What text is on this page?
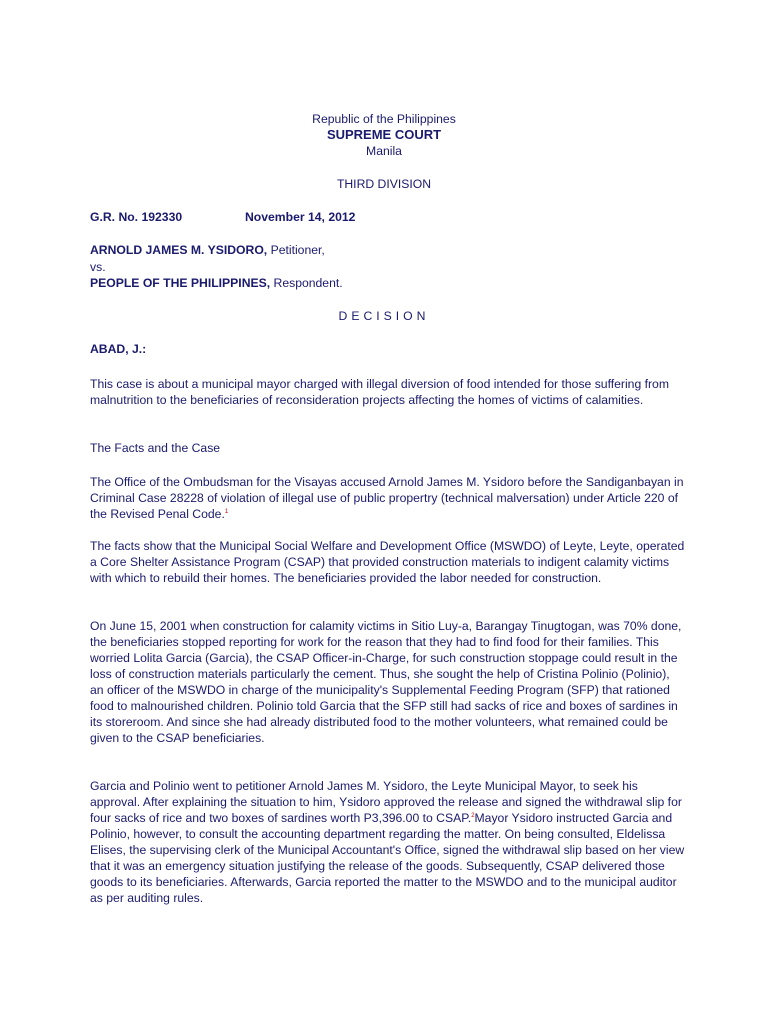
Republic of the Philippines
SUPREME COURT
Manila
THIRD DIVISION
G.R. No. 192330	November 14, 2012
ARNOLD JAMES M. YSIDORO, Petitioner,
vs.
PEOPLE OF THE PHILIPPINES, Respondent.
DECISION
ABAD, J.:
This case is about a municipal mayor charged with illegal diversion of food intended for those suffering from malnutrition to the beneficiaries of reconsideration projects affecting the homes of victims of calamities.
The Facts and the Case
The Office of the Ombudsman for the Visayas accused Arnold James M. Ysidoro before the Sandiganbayan in Criminal Case 28228 of violation of illegal use of public propertry (technical malversation) under Article 220 of the Revised Penal Code.$^1$
The facts show that the Municipal Social Welfare and Development Office (MSWDO) of Leyte, Leyte, operated a Core Shelter Assistance Program (CSAP) that provided construction materials to indigent calamity victims with which to rebuild their homes. The beneficiaries provided the labor needed for construction.
On June 15, 2001 when construction for calamity victims in Sitio Luy-a, Barangay Tinugtogan, was 70% done, the beneficiaries stopped reporting for work for the reason that they had to find food for their families. This worried Lolita Garcia (Garcia), the CSAP Officer-in-Charge, for such construction stoppage could result in the loss of construction materials particularly the cement. Thus, she sought the help of Cristina Polinio (Polinio), an officer of the MSWDO in charge of the municipality's Supplemental Feeding Program (SFP) that rationed food to malnourished children. Polinio told Garcia that the SFP still had sacks of rice and boxes of sardines in its storeroom. And since she had already distributed food to the mother volunteers, what remained could be given to the CSAP beneficiaries.
Garcia and Polinio went to petitioner Arnold James M. Ysidoro, the Leyte Municipal Mayor, to seek his approval. After explaining the situation to him, Ysidoro approved the release and signed the withdrawal slip for four sacks of rice and two boxes of sardines worth P3,396.00 to CSAP.$^2$Mayor Ysidoro instructed Garcia and Polinio, however, to consult the accounting department regarding the matter. On being consulted, Eldelissa Elises, the supervising clerk of the Municipal Accountant's Office, signed the withdrawal slip based on her view that it was an emergency situation justifying the release of the goods. Subsequently, CSAP delivered those goods to its beneficiaries. Afterwards, Garcia reported the matter to the MSWDO and to the municipal auditor as per auditing rules.
